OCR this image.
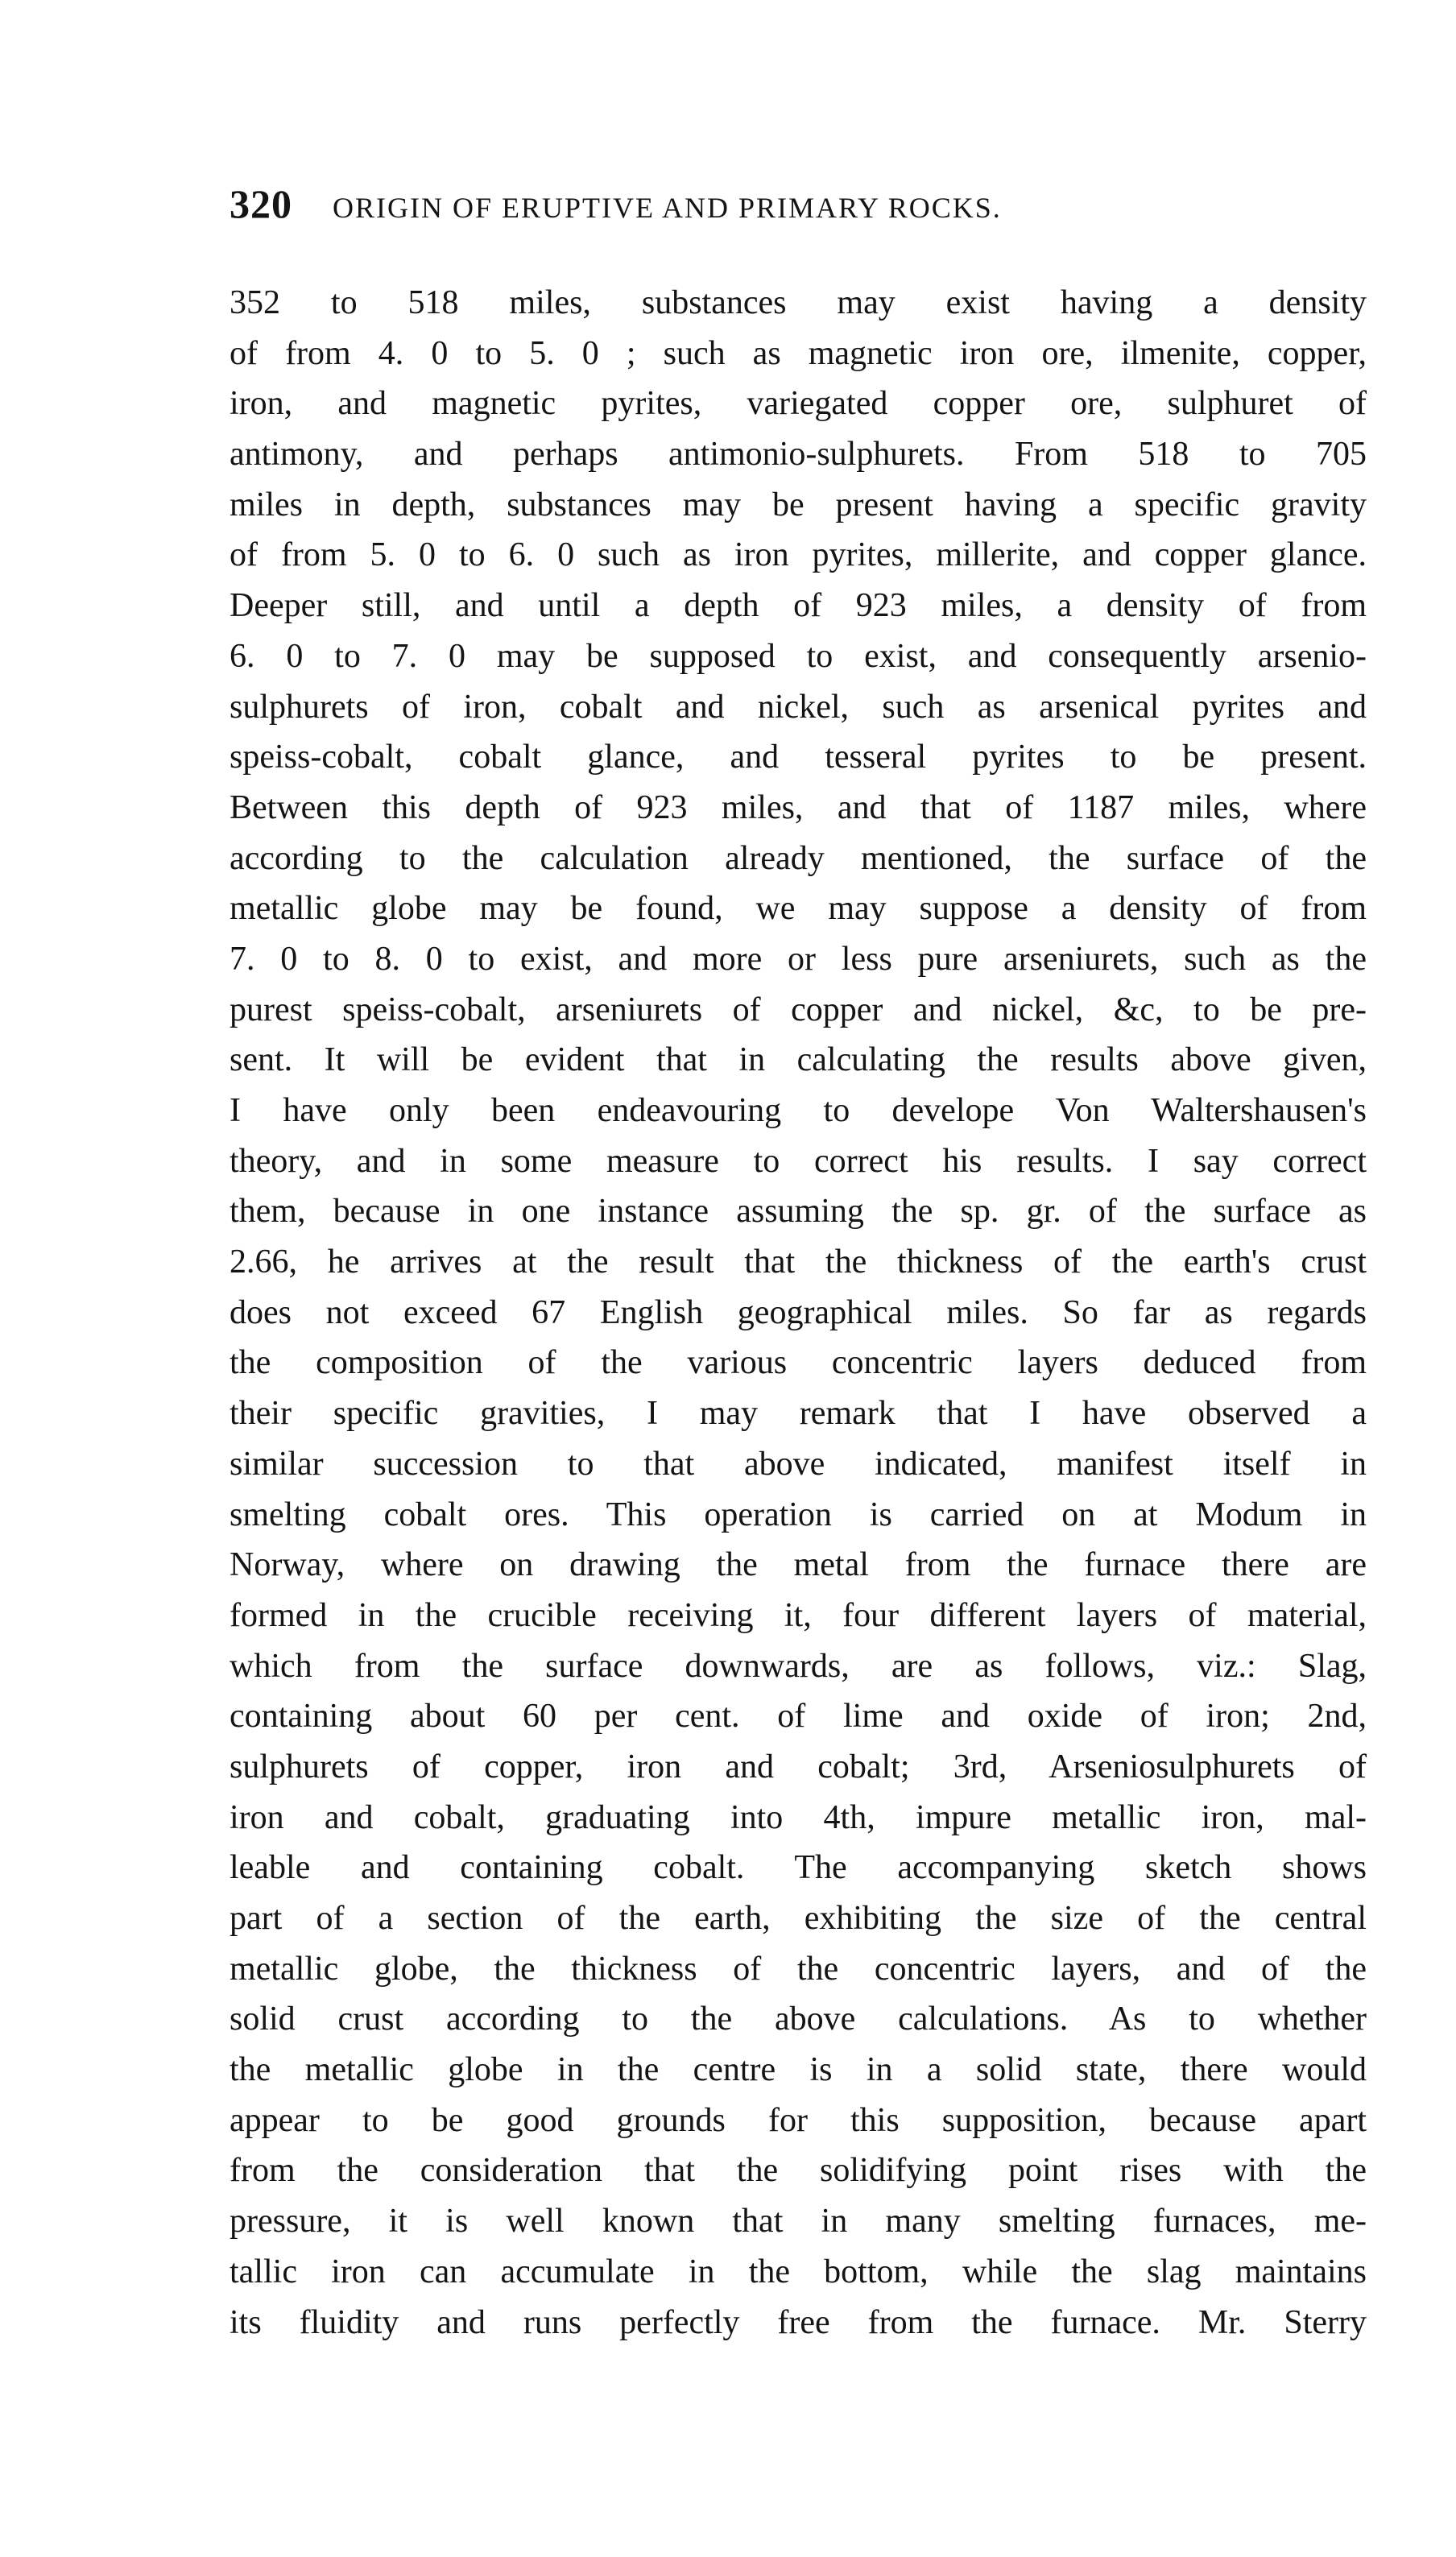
320 ORIGIN OF ERUPTIVE AND PRIMARY ROCKS.
352 to 518 miles, substances may exist having a density
of from 4. 0 to 5. 0 ; such as magnetic iron ore, ilmenite, copper,
iron, and magnetic pyrites, variegated copper ore, sulphuret of
antimony, and perhaps antimonio-sulphurets. From 518 to 705
miles in depth, substances may be present having a specific gravity
of from 5. 0 to 6. 0 such as iron pyrites, millerite, and copper glance.
Deeper still, and until a depth of 923 miles, a density of from
6. 0 to 7. 0 may be supposed to exist, and consequently arsenio-
sulphurets of iron, cobalt and nickel, such as arsenical pyrites and
speiss-cobalt, cobalt glance, and tesseral pyrites to be present.
Between this depth of 923 miles, and that of 1187 miles, where
according to the calculation already mentioned, the surface of the
metallic globe may be found, we may suppose a density of from
7. 0 to 8. 0 to exist, and more or less pure arseniurets, such as the
purest speiss-cobalt, arseniurets of copper and nickel, &c, to be pre-
sent. It will be evident that in calculating the results above given,
I have only been endeavouring to develope Von Waltershausen's
theory, and in some measure to correct his results. I say correct
them, because in one instance assuming the sp. gr. of the surface as
2.66, he arrives at the result that the thickness of the earth's crust
does not exceed 67 English geographical miles. So far as regards
the composition of the various concentric layers deduced from
their specific gravities, I may remark that I have observed a
similar succession to that above indicated, manifest itself in
smelting cobalt ores. This operation is carried on at Modum in
Norway, where on drawing the metal from the furnace there are
formed in the crucible receiving it, four different layers of material,
which from the surface downwards, are as follows, viz.: Slag,
containing about 60 per cent. of lime and oxide of iron; 2nd,
sulphurets of copper, iron and cobalt; 3rd, Arseniosulphurets of
iron and cobalt, graduating into 4th, impure metallic iron, mal-
leable and containing cobalt. The accompanying sketch shows
part of a section of the earth, exhibiting the size of the central
metallic globe, the thickness of the concentric layers, and of the
solid crust according to the above calculations. As to whether
the metallic globe in the centre is in a solid state, there would
appear to be good grounds for this supposition, because apart
from the consideration that the solidifying point rises with the
pressure, it is well known that in many smelting furnaces, me-
tallic iron can accumulate in the bottom, while the slag maintains
its fluidity and runs perfectly free from the furnace. Mr. Sterry
